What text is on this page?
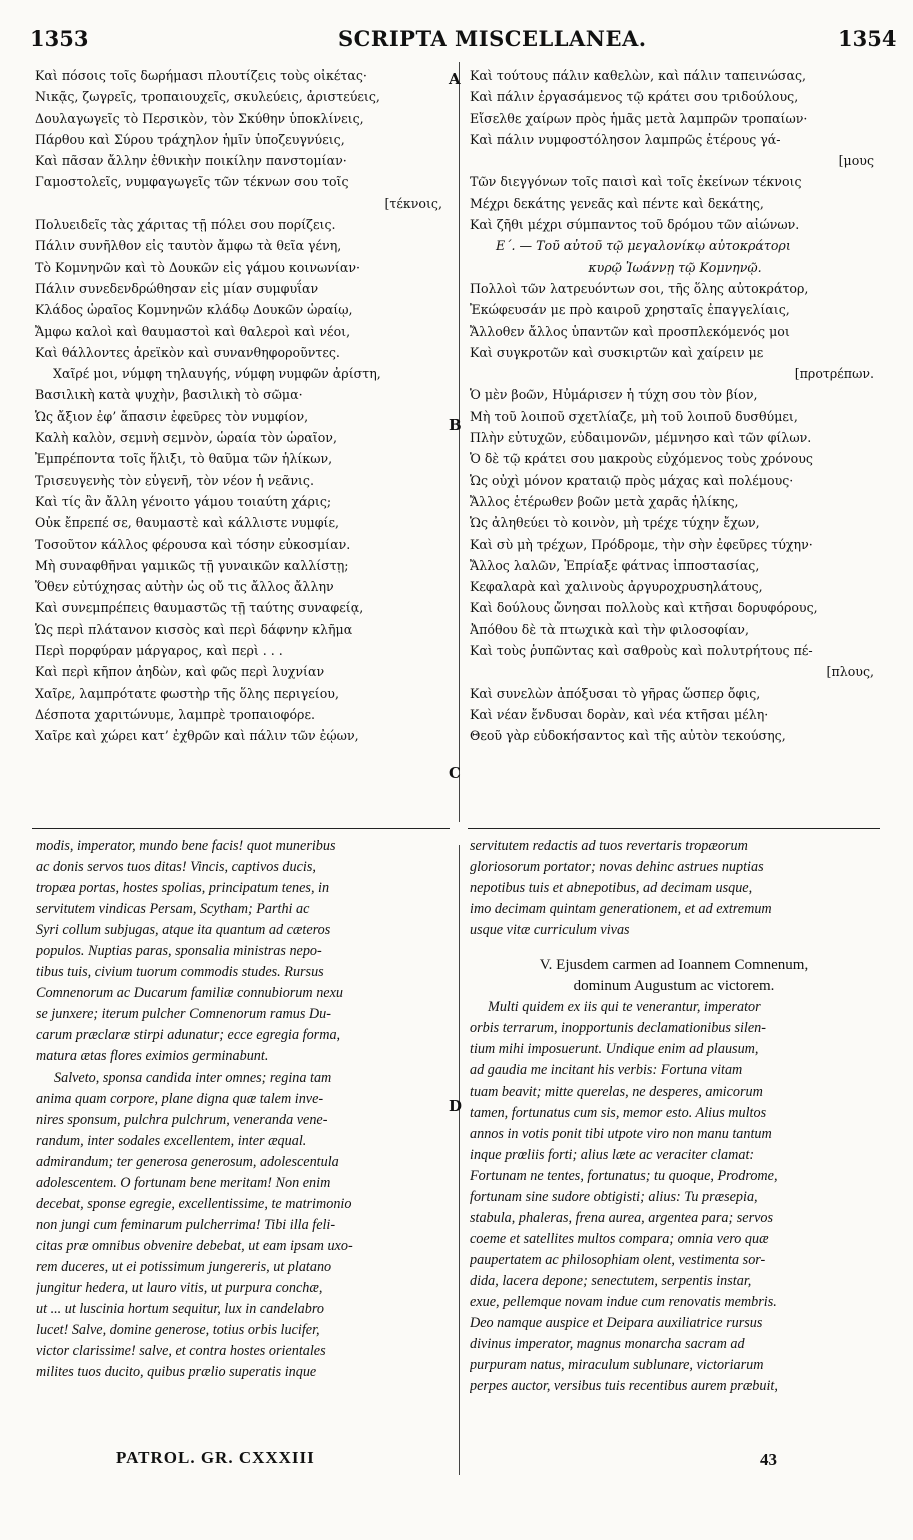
1353	SCRIPTA MISCELLANEA.	1354
A
B
C
D
Καὶ πόσοις τοῖς δωρήμασι πλουτίζεις τοὺς οἰκέτας·
Νικᾷς, ζωγρεῖς, τροπαιουχεῖς, σκυλεύεις, ἀριστεύεις,
Δουλαγωγεῖς τὸ Περσικὸν, τὸν Σκύθην ὑποκλίνεις,
Πάρθου καὶ Σύρου τράχηλον ἡμῖν ὑποζευγνύεις,
Καὶ πᾶσαν ἄλλην ἐθνικὴν ποικίλην πανστομίαν·
Γαμοστολεῖς, νυμφαγωγεῖς τῶν τέκνων σου τοῖς
[τέκνοις,
Πολυειδεῖς τὰς χάριτας τῇ πόλει σου πορίζεις.
Πάλιν συνῆλθον εἰς ταυτὸν ἄμφω τὰ θεῖα γένη,
Τὸ Κομνηνῶν καὶ τὸ Δουκῶν εἰς γάμου κοινωνίαν·
Πάλιν συνεδενδρώθησαν εἰς μίαν συμφυΐαν
Κλάδος ὡραῖος Κομνηνῶν κλάδῳ Δουκῶν ὡραίῳ,
Ἄμφω καλοὶ καὶ θαυμαστοὶ καὶ θαλεροὶ καὶ νέοι,
Καὶ θάλλοντες ἀρεϊκὸν καὶ συνανθηφοροῦντες.
Χαῖρέ μοι, νύμφη τηλαυγής, νύμφη νυμφῶν ἀρίστη,
Βασιλικὴ κατὰ ψυχὴν, βασιλικὴ τὸ σῶμα·
Ὡς ἄξιον ἐφ’ ἅπασιν ἐφεῦρες τὸν νυμφίον,
Καλὴ καλὸν, σεμνὴ σεμνὸν, ὡραία τὸν ὡραῖον,
Ἐμπρέποντα τοῖς ἥλιξι, τὸ θαῦμα τῶν ἡλίκων,
Τρισευγενὴς τὸν εὐγενῆ, τὸν νέον ἡ νεᾶνις.
Καὶ τίς ἂν ἄλλη γένοιτο γάμου τοιαύτη χάρις;
Οὐκ ἔπρεπέ σε, θαυμαστὲ καὶ κάλλιστε νυμφίε,
Τοσοῦτον κάλλος φέρουσα καὶ τόσην εὐκοσμίαν.
Μὴ συναφθῆναι γαμικῶς τῇ γυναικῶν καλλίστῃ;
Ὅθεν εὐτύχησας αὐτὴν ὡς οὔ τις ἄλλος ἄλλην
Καὶ συνεμπρέπεις θαυμαστῶς τῇ ταύτης συναφείᾳ,
Ὡς περὶ πλάτανον κισσὸς καὶ περὶ δάφνην κλῆμα
Περὶ πορφύραν μάργαρος, καὶ περὶ . . .
Καὶ περὶ κῆπον ἀηδὼν, καὶ φῶς περὶ λυχνίαν
Χαῖρε, λαμπρότατε φωστὴρ τῆς ὅλης περιγείου,
Δέσποτα χαριτώνυμε, λαμπρὲ τροπαιοφόρε.
Χαῖρε καὶ χώρει κατ’ ἐχθρῶν καὶ πάλιν τῶν ἐῴων,
Καὶ τούτους πάλιν καθελὼν, καὶ πάλιν ταπεινώσας,
Καὶ πάλιν ἐργασάμενος τῷ κράτει σου τριδούλους,
Εἴσελθε χαίρων πρὸς ἡμᾶς μετὰ λαμπρῶν τροπαίων·
Καὶ πάλιν νυμφοστόλησον λαμπρῶς ἑτέρους γά-
[μους
Τῶν διεγγόνων τοῖς παισὶ καὶ τοῖς ἐκείνων τέκνοις
Μέχρι δεκάτης γενεᾶς καὶ πέντε καὶ δεκάτης,
Καὶ ζῆθι μέχρι σύμπαντος τοῦ δρόμου τῶν αἰώνων.
Ε΄. — Τοῦ αὐτοῦ τῷ μεγαλονίκῳ αὐτοκράτορι
κυρῷ Ἰωάννῃ τῷ Κομνηνῷ.
Πολλοὶ τῶν λατρευόντων σοι, τῆς ὅλης αὐτοκράτορ,
Ἐκώφευσάν με πρὸ καιροῦ χρησταῖς ἐπαγγελίαις,
Ἄλλοθεν ἄλλος ὑπαντῶν καὶ προσπλεκόμενός μοι
Καὶ συγκροτῶν καὶ συσκιρτῶν καὶ χαίρειν με
[προτρέπων.
Ὁ μὲν βοῶν, Ηὐμάρισεν ἡ τύχη σου τὸν βίον,
Μὴ τοῦ λοιποῦ σχετλίαζε, μὴ τοῦ λοιποῦ δυσθύμει,
Πλὴν εὐτυχῶν, εὐδαιμονῶν, μέμνησο καὶ τῶν φίλων.
Ὁ δὲ τῷ κράτει σου μακροὺς εὐχόμενος τοὺς χρόνους
Ὡς οὐχὶ μόνον κραταιῷ πρὸς μάχας καὶ πολέμους·
Ἄλλος ἑτέρωθεν βοῶν μετὰ χαρᾶς ἡλίκης,
Ὡς ἀληθεύει τὸ κοινὸν, μὴ τρέχε τύχην ἔχων,
Καὶ σὺ μὴ τρέχων, Πρόδρομε, τὴν σὴν ἐφεῦρες τύχην·
Ἄλλος λαλῶν, Ἐπρίαξε φάτνας ἱπποστασίας,
Κεφαλαρὰ καὶ χαλινοὺς ἀργυροχρυσηλάτους,
Καὶ δούλους ὤνησαι πολλοὺς καὶ κτῆσαι δορυφόρους,
Ἀπόθου δὲ τὰ πτωχικὰ καὶ τὴν φιλοσοφίαν,
Καὶ τοὺς ῥυπῶντας καὶ σαθροὺς καὶ πολυτρήτους πέ-
[πλους,
Καὶ συνελὼν ἀπόξυσαι τὸ γῆρας ὥσπερ ὄφις,
Καὶ νέαν ἔνδυσαι δορὰν, καὶ νέα κτῆσαι μέλη·
Θεοῦ γὰρ εὐδοκήσαντος καὶ τῆς αὐτὸν τεκούσης,
modis, imperator, mundo bene facis! quot muneribus
ac donis servos tuos ditas! Vincis, captivos ducis,
tropæa portas, hostes spolias, principatum tenes, in
servitutem vindicas Persam, Scytham; Parthi ac
Syri collum subjugas, atque ita quantum ad cæteros
populos. Nuptias paras, sponsalia ministras nepo-
tibus tuis, civium tuorum commodis studes. Rursus
Comnenorum ac Ducarum familiæ connubiorum nexu
se junxere; iterum pulcher Comnenorum ramus Du-
carum præclaræ stirpi adunatur; ecce egregia forma,
matura ætas flores eximios germinabunt.
Salveto, sponsa candida inter omnes; regina tam
anima quam corpore, plane digna quæ talem inve-
nires sponsum, pulchra pulchrum, veneranda vene-
randum, inter sodales excellentem, inter æqual.
admirandum; ter generosa generosum, adolescentula
adolescentem. O fortunam bene meritam! Non enim
decebat, sponse egregie, excellentissime, te matrimonio
non jungi cum feminarum pulcherrima! Tibi illa feli-
citas præ omnibus obvenire debebat, ut eam ipsam uxo-
rem duceres, ut ei potissimum jungereris, ut platano
jungitur hedera, ut lauro vitis, ut purpura conchæ,
ut ... ut luscinia hortum sequitur, lux in candelabro
lucet! Salve, domine generose, totius orbis lucifer,
victor clarissime! salve, et contra hostes orientales
milites tuos ducito, quibus prælio superatis inque
servitutem redactis ad tuos revertaris tropæorum
gloriosorum portator; novas dehinc astrues nuptias
nepotibus tuis et abnepotibus, ad decimam usque,
imo decimam quintam generationem, et ad extremum
usque vitæ curriculum vivas
V. Ejusdem carmen ad Ioannem Comnenum,
dominum Augustum ac victorem.
Multi quidem ex iis qui te venerantur, imperator
orbis terrarum, inopportunis declamationibus silen-
tium mihi imposuerunt. Undique enim ad plausum,
ad gaudia me incitant his verbis: Fortuna vitam
tuam beavit; mitte querelas, ne desperes, amicorum
tamen, fortunatus cum sis, memor esto. Alius multos
annos in votis ponit tibi utpote viro non manu tantum
inque prœliis forti; alius læte ac veraciter clamat:
Fortunam ne tentes, fortunatus; tu quoque, Prodrome,
fortunam sine sudore obtigisti; alius: Tu præsepia,
stabula, phaleras, frena aurea, argentea para; servos
coeme et satellites multos compara; omnia vero quæ
paupertatem ac philosophiam olent, vestimenta sor-
dida, lacera depone; senectutem, serpentis instar,
exue, pellemque novam indue cum renovatis membris.
Deo namque auspice et Deipara auxiliatrice rursus
divinus imperator, magnus monarcha sacram ad
purpuram natus, miraculum sublunare, victoriarum
perpes auctor, versibus tuis recentibus aurem præbuit,
PATROL. GR. CXXXIII	43
